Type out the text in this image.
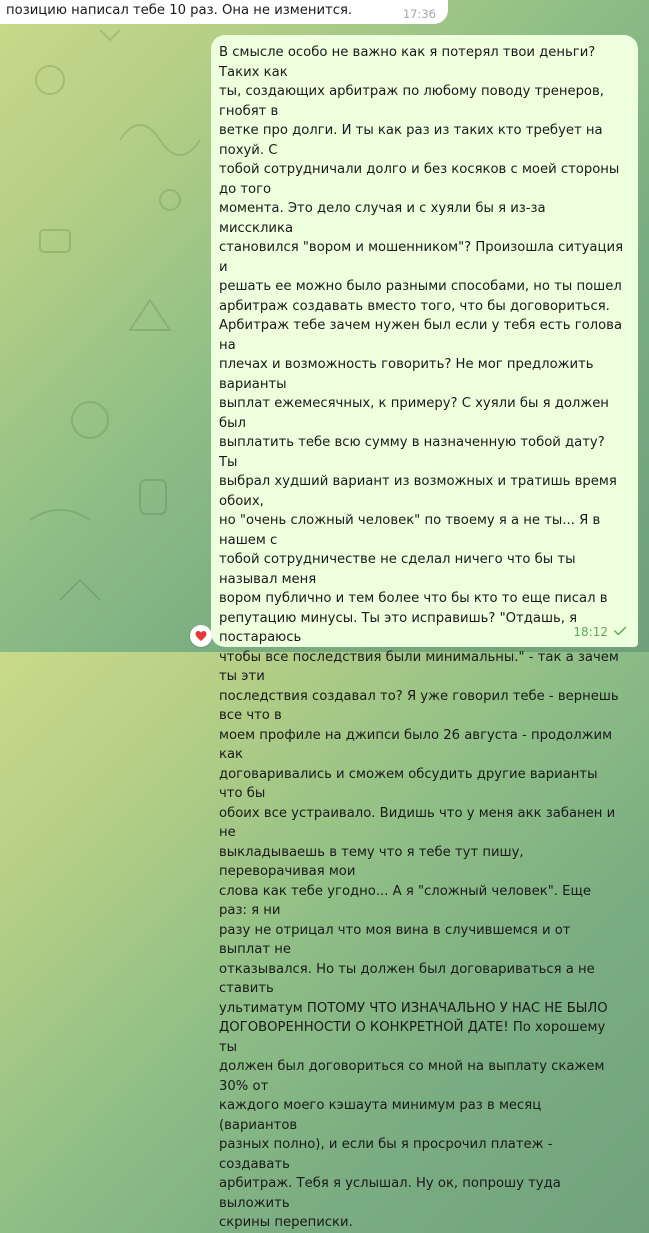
позицию написал тебе 10 раз. Она не изменится.	17:36

В смысле особо не важно как я потерял твои деньги? Таких как
ты, создающих арбитраж по любому поводу тренеров, гнобят в
ветке про долги. И ты как раз из таких кто требует на похуй. С
тобой сотрудничали долго и без косяков с моей стороны до того
момента. Это дело случая и с хуяли бы я из-за миссклика
становился "вором и мошенником"? Произошла ситуация и
решать ее можно было разными способами, но ты пошел
арбитраж создавать вместо того, что бы договориться.
Арбитраж тебе зачем нужен был если у тебя есть голова на
плечах и возможность говорить? Не мог предложить варианты
выплат ежемесячных, к примеру? С хуяли бы я должен был
выплатить тебе всю сумму в назначенную тобой дату? Ты
выбрал худший вариант из возможных и тратишь время обоих,
но "очень сложный человек" по твоему я а не ты... Я в нашем с
тобой сотрудничестве не сделал ничего что бы ты называл меня
вором публично и тем более что бы кто то еще писал в
репутацию минусы. Ты это исправишь? "Отдашь, я постараюсь
чтобы все последствия были минимальны." - так а зачем ты эти
последствия создавал то? Я уже говорил тебе - вернешь все что в
моем профиле на джипси было 26 августа - продолжим как
договаривались и сможем обсудить другие варианты что бы
обоих все устраивало. Видишь что у меня акк забанен и не
выкладываешь в тему что я тебе тут пишу, переворачивая мои
слова как тебе угодно... А я "сложный человек". Еще раз: я ни
разу не отрицал что моя вина в случившемся и от выплат не
отказывался. Но ты должен был договариваться а не ставить
ультиматум ПОТОМУ ЧТО ИЗНАЧАЛЬНО У НАС НЕ БЫЛО
ДОГОВОРЕННОСТИ О КОНКРЕТНОЙ ДАТЕ! По хорошему ты
должен был договориться со мной на выплату скажем 30% от
каждого моего кэшаута минимум раз в месяц (вариантов
разных полно), и если бы я просрочил платеж - создавать
арбитраж. Тебя я услышал. Ну ок, попрошу туда выложить
скрины переписки.

18:12
